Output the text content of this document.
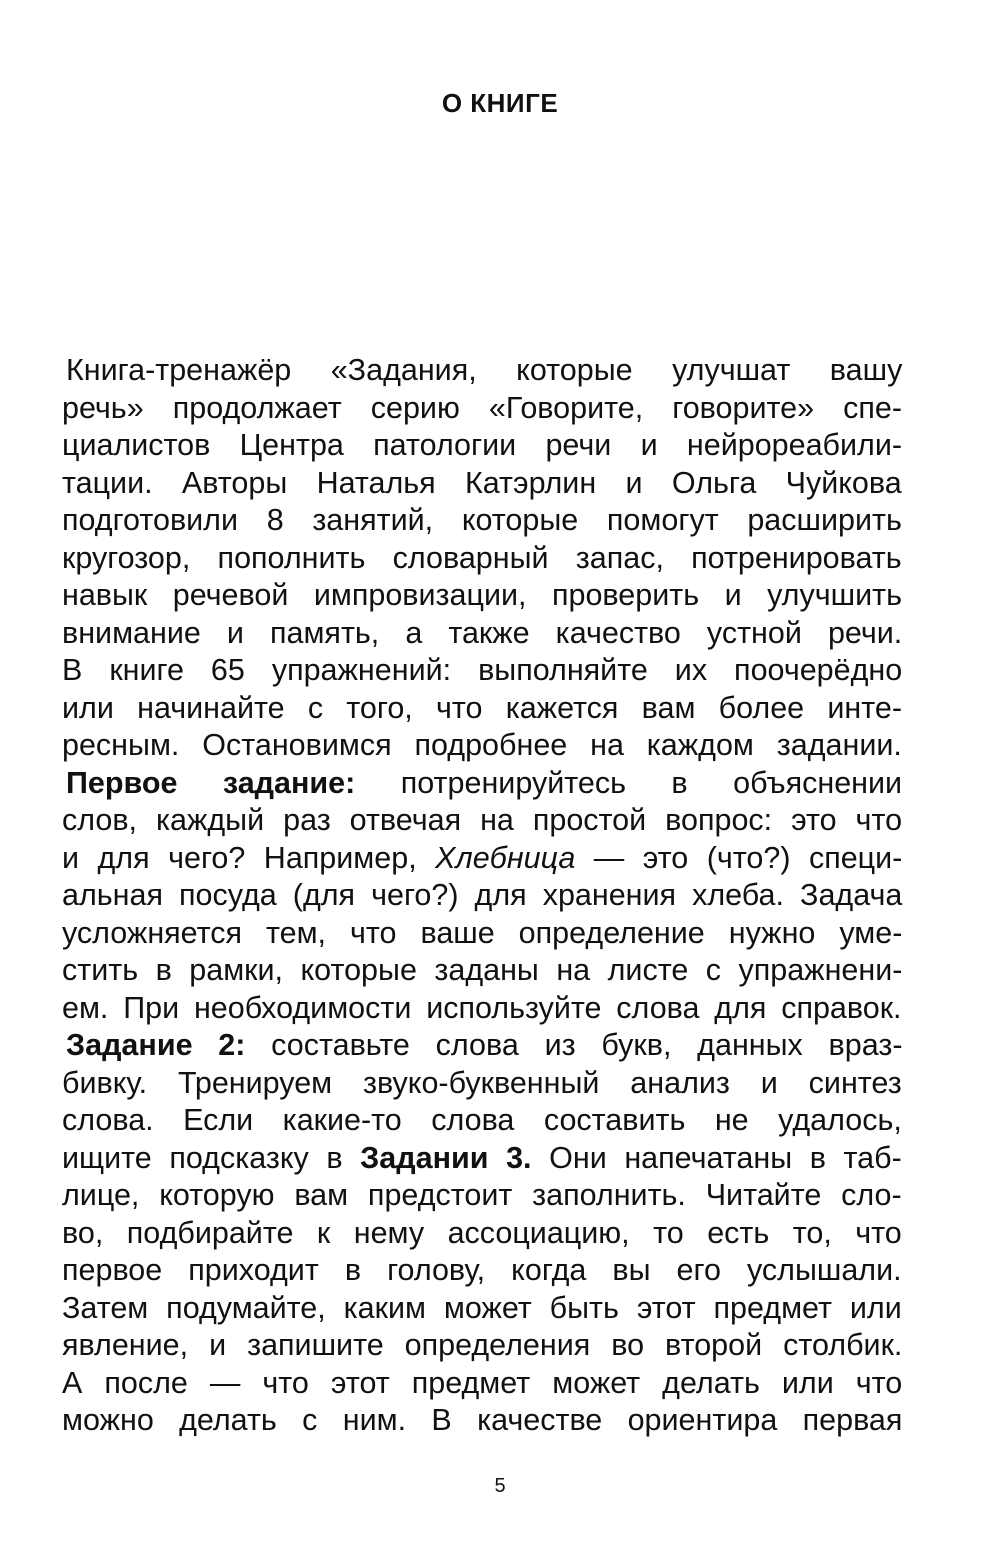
О КНИГЕ
Книга-тренажёр «Задания, которые улучшат вашу
речь» продолжает серию «Говорите, говорите» спе-
циалистов Центра патологии речи и нейрореабили-
тации. Авторы Наталья Катэрлин и Ольга Чуйкова
подготовили 8 занятий, которые помогут расширить
кругозор, пополнить словарный запас, потренировать
навык речевой импровизации, проверить и улучшить
внимание и память, а также качество устной речи.
В книге 65 упражнений: выполняйте их поочерёдно
или начинайте с того, что кажется вам более инте-
ресным. Остановимся подробнее на каждом задании.
Первое задание: потренируйтесь в объяснении
слов, каждый раз отвечая на простой вопрос: это что
и для чего? Например, Хлебница — это (что?) специ-
альная посуда (для чего?) для хранения хлеба. Задача
усложняется тем, что ваше определение нужно уме-
стить в рамки, которые заданы на листе с упражнени-
ем. При необходимости используйте слова для справок.
Задание 2: составьте слова из букв, данных враз-
бивку. Тренируем звуко-буквенный анализ и синтез
слова. Если какие-то слова составить не удалось,
ищите подсказку в Задании 3. Они напечатаны в таб-
лице, которую вам предстоит заполнить. Читайте сло-
во, подбирайте к нему ассоциацию, то есть то, что
первое приходит в голову, когда вы его услышали.
Затем подумайте, каким может быть этот предмет или
явление, и запишите определения во второй столбик.
А после — что этот предмет может делать или что
можно делать с ним. В качестве ориентира первая
5
